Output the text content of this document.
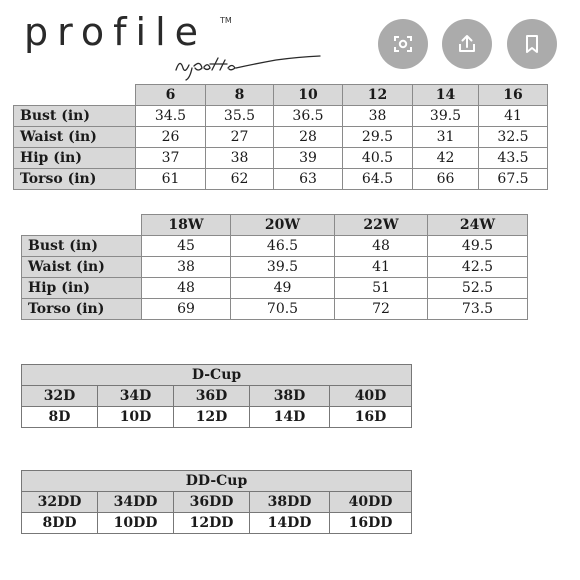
profile TM
	6	8	10	12	14	16
Bust (in)	34.5	35.5	36.5	38	39.5	41
Waist (in)	26	27	28	29.5	31	32.5
Hip (in)	37	38	39	40.5	42	43.5
Torso (in)	61	62	63	64.5	66	67.5
	18W	20W	22W	24W
Bust (in)	45	46.5	48	49.5
Waist (in)	38	39.5	41	42.5
Hip (in)	48	49	51	52.5
Torso (in)	69	70.5	72	73.5
D-Cup				
32D	34D	36D	38D	40D
8D	10D	12D	14D	16D
DD-Cup				
32DD	34DD	36DD	38DD	40DD
8DD	10DD	12DD	14DD	16DD
